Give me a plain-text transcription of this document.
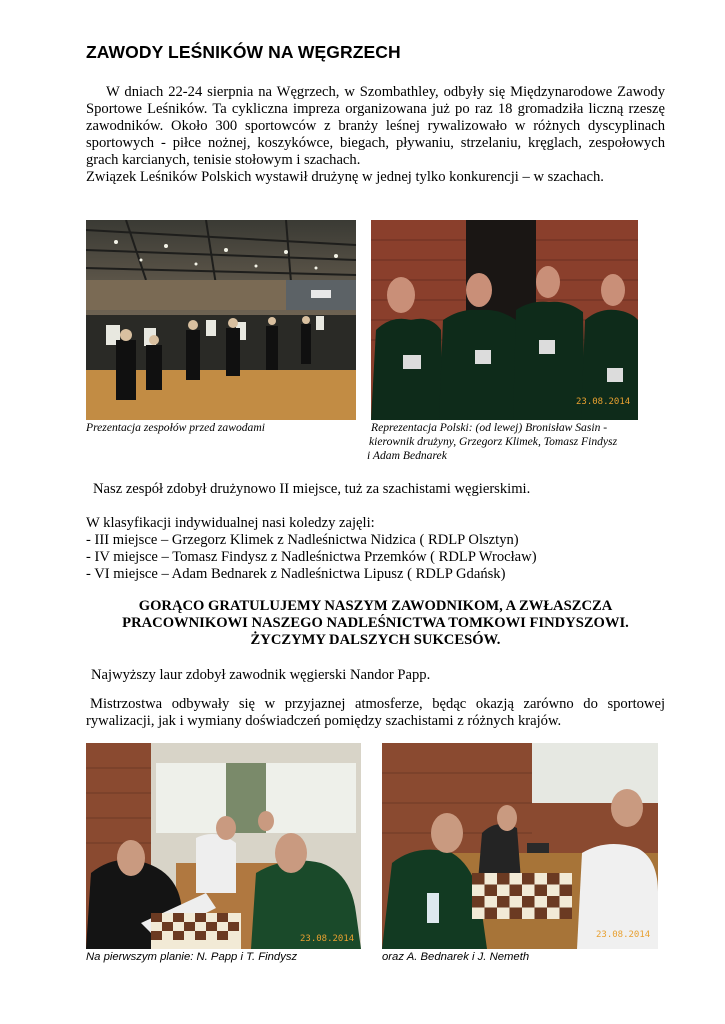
ZAWODY LEŚNIKÓW NA WĘGRZECH

W dniach 22-24 sierpnia na Węgrzech, w Szombathley, odbyły się Międzynarodowe Zawody Sportowe Leśników. Ta cykliczna impreza organizowana już po raz 18 gromadziła liczną rzeszę zawodników. Około 300 sportowców z branży leśnej rywalizowało w różnych dyscyplinach sportowych - piłce nożnej, koszykówce, biegach, pływaniu, strzelaniu, kręglach, zespołowych grach karcianych, tenisie stołowym i szachach.

Związek Leśników Polskich wystawił drużynę w jednej tylko konkurencji – w szachach.

23.08.2014
Prezentacja zespołów przed zawodami	Reprezentacja Polski: (od lewej) Bronisław Sasin -
kierownik drużyny, Grzegorz Klimek, Tomasz Findysz
i Adam Bednarek
Nasz zespół zdobył drużynowo II miejsce, tuż za szachistami węgierskimi.
W klasyfikacji indywidualnej nasi koledzy zajęli:
- III miejsce – Grzegorz Klimek z Nadleśnictwa Nidzica ( RDLP Olsztyn)
- IV miejsce – Tomasz Findysz z Nadleśnictwa Przemków ( RDLP Wrocław)
- VI miejsce – Adam Bednarek z Nadleśnictwa Lipusz ( RDLP Gdańsk)
GORĄCO GRATULUJEMY NASZYM ZAWODNIKOM, A ZWŁASZCZA
PRACOWNIKOWI NASZEGO NADLEŚNICTWA TOMKOWI FINDYSZOWI.
ŻYCZYMY DALSZYCH SUKCESÓW.
Najwyższy laur zdobył zawodnik węgierski Nandor Papp.
Mistrzostwa odbywały się w przyjaznej atmosferze, będąc okazją zarówno do sportowej rywalizacji, jak i wymiany doświadczeń pomiędzy szachistami z różnych krajów.
23.08.2014	23.08.2014
Na pierwszym planie: N. Papp i T. Findysz	oraz A. Bednarek i J. Nemeth
